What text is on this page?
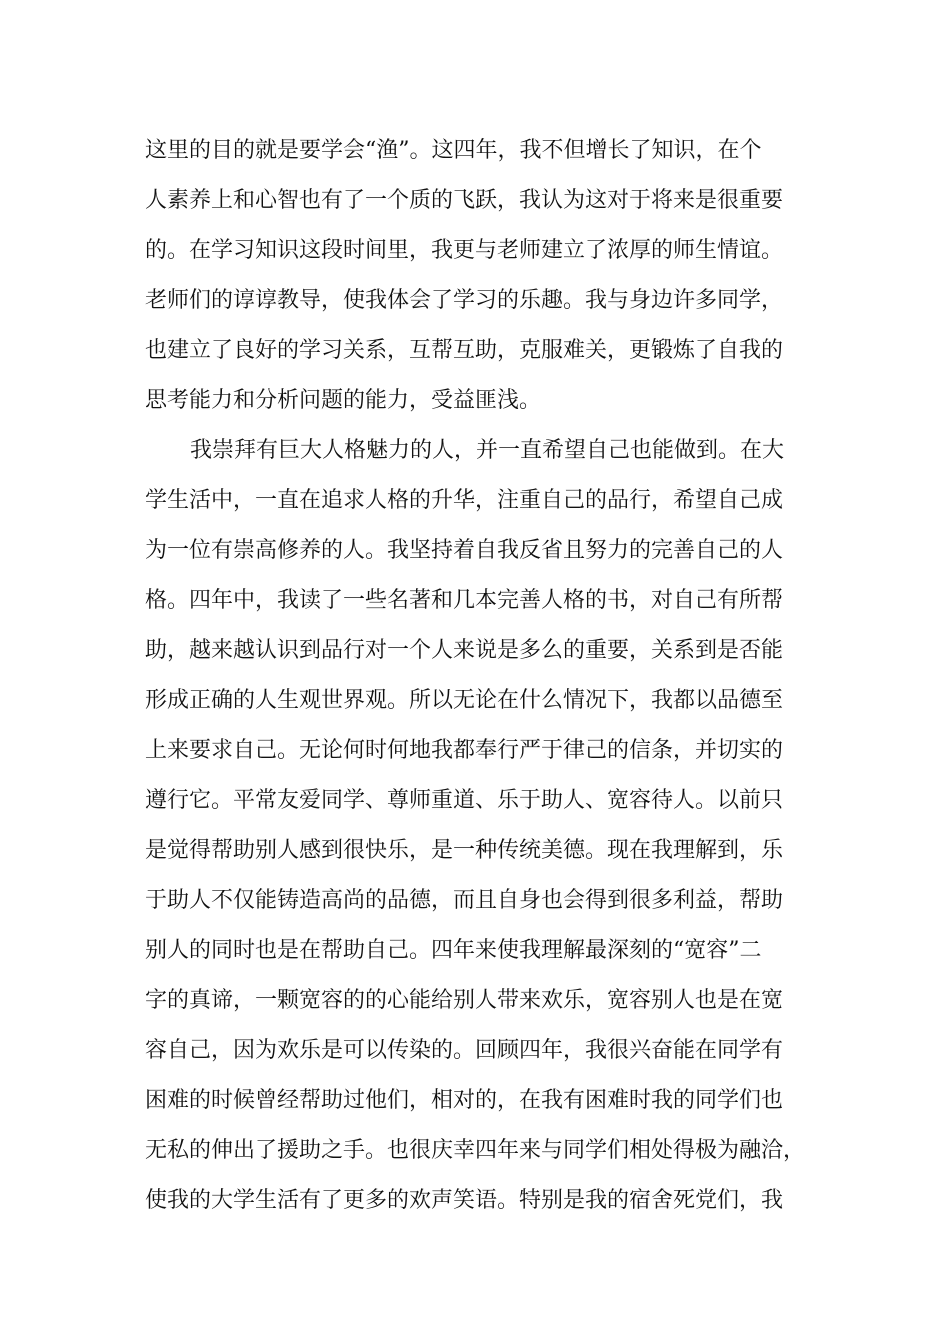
这里的目的就是要学会“渔”。这四年，我不但增长了知识，在个
人素养上和心智也有了一个质的飞跃，我认为这对于将来是很重要
的。在学习知识这段时间里，我更与老师建立了浓厚的师生情谊。
老师们的谆谆教导，使我体会了学习的乐趣。我与身边许多同学，
也建立了良好的学习关系，互帮互助，克服难关，更锻炼了自我的
思考能力和分析问题的能力，受益匪浅。
我崇拜有巨大人格魅力的人，并一直希望自己也能做到。在大
学生活中，一直在追求人格的升华，注重自己的品行，希望自己成
为一位有崇高修养的人。我坚持着自我反省且努力的完善自己的人
格。四年中，我读了一些名著和几本完善人格的书，对自己有所帮
助，越来越认识到品行对一个人来说是多么的重要，关系到是否能
形成正确的人生观世界观。所以无论在什么情况下，我都以品德至
上来要求自己。无论何时何地我都奉行严于律己的信条，并切实的
遵行它。平常友爱同学、尊师重道、乐于助人、宽容待人。以前只
是觉得帮助别人感到很快乐，是一种传统美德。现在我理解到，乐
于助人不仅能铸造高尚的品德，而且自身也会得到很多利益，帮助
别人的同时也是在帮助自己。四年来使我理解最深刻的“宽容”二
字的真谛，一颗宽容的的心能给别人带来欢乐，宽容别人也是在宽
容自己，因为欢乐是可以传染的。回顾四年，我很兴奋能在同学有
困难的时候曾经帮助过他们，相对的，在我有困难时我的同学们也
无私的伸出了援助之手。也很庆幸四年来与同学们相处得极为融洽，
使我的大学生活有了更多的欢声笑语。特别是我的宿舍死党们，我
